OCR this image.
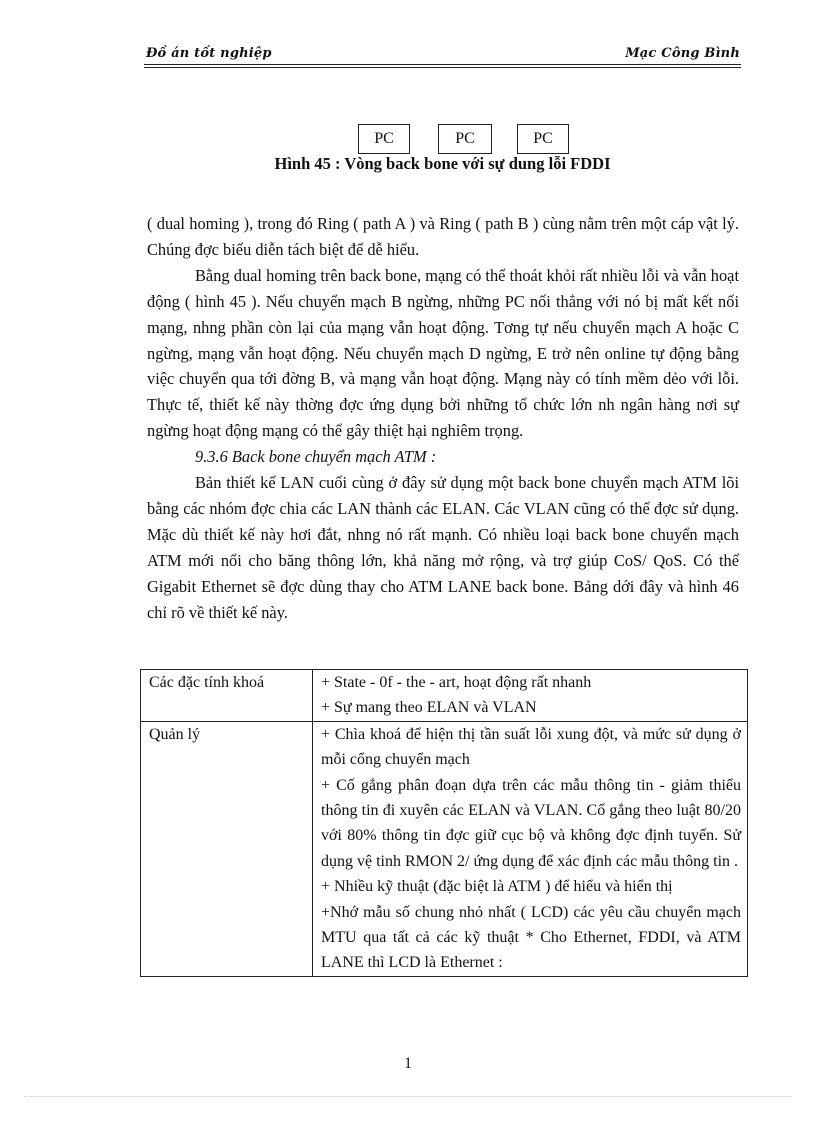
Đồ án tốt nghiệp	Mạc Công Bình
PC	PC	PC
Hình 45 : Vòng back bone với sự dung lỗi FDDI

( dual homing ), trong đó Ring ( path A ) và Ring ( path B ) cùng nằm trên một cáp vật lý. Chúng đợc biểu diễn tách biệt để dễ hiểu.

Bằng dual homing trên back bone, mạng có thể thoát khỏi rất nhiều lỗi và vẫn hoạt động ( hình 45 ). Nếu chuyển mạch B ngừng, những PC nối thẳng với nó bị mất kết nối mạng, nhng phần còn lại của mạng vẫn hoạt động. Tơng tự nếu chuyển mạch A hoặc C ngừng, mạng vẫn hoạt động. Nếu chuyển mạch D ngừng, E trở nên online tự động bằng việc chuyển qua tới đờng B, và mạng vẫn hoạt động. Mạng này có tính mềm dẻo với lỗi. Thực tế, thiết kế này thờng đợc ứng dụng bởi những tổ chức lớn nh ngân hàng nơi sự ngừng hoạt động mạng có thể gây thiệt hại nghiêm trọng.

9.3.6 Back bone chuyển mạch ATM :

Bản thiết kế LAN cuối cùng ở đây sử dụng một back bone chuyển mạch ATM lõi bằng các nhóm đợc chia các LAN thành các ELAN. Các VLAN cũng có thể đợc sử dụng. Mặc dù thiết kế này hơi đắt, nhng nó rất mạnh. Có nhiều loại back bone chuyển mạch ATM mới nổi cho băng thông lớn, khả năng mở rộng, và trợ giúp CoS/ QoS. Có thể Gigabit Ethernet sẽ đợc dùng thay cho ATM LANE back bone. Bảng dới đây và hình 46 chỉ rõ về thiết kế này.

Các đặc tính khoá	+ State - 0f - the - art, hoạt động rất nhanh
+ Sự mang theo ELAN và VLAN

Quản lý	+ Chìa khoá để hiện thị tần suất lỗi xung đột, và mức sử dụng ở mỗi cổng chuyển mạch
+ Cố gắng phân đoạn dựa trên các mẫu thông tin - giảm thiểu thông tin đi xuyên các ELAN và VLAN. Cố gắng theo luật 80/20 với 80% thông tin đợc giữ cục bộ và không đợc định tuyến. Sử dụng vệ tinh RMON 2/ ứng dụng để xác định các mẫu thông tin .
+ Nhiều kỹ thuật (đặc biệt là ATM ) để hiểu và hiển thị
+Nhớ mẫu số chung nhỏ nhất ( LCD) các yêu cầu chuyển mạch MTU qua tất cả các kỹ thuật * Cho Ethernet, FDDI, và ATM LANE thì LCD là Ethernet :
1
